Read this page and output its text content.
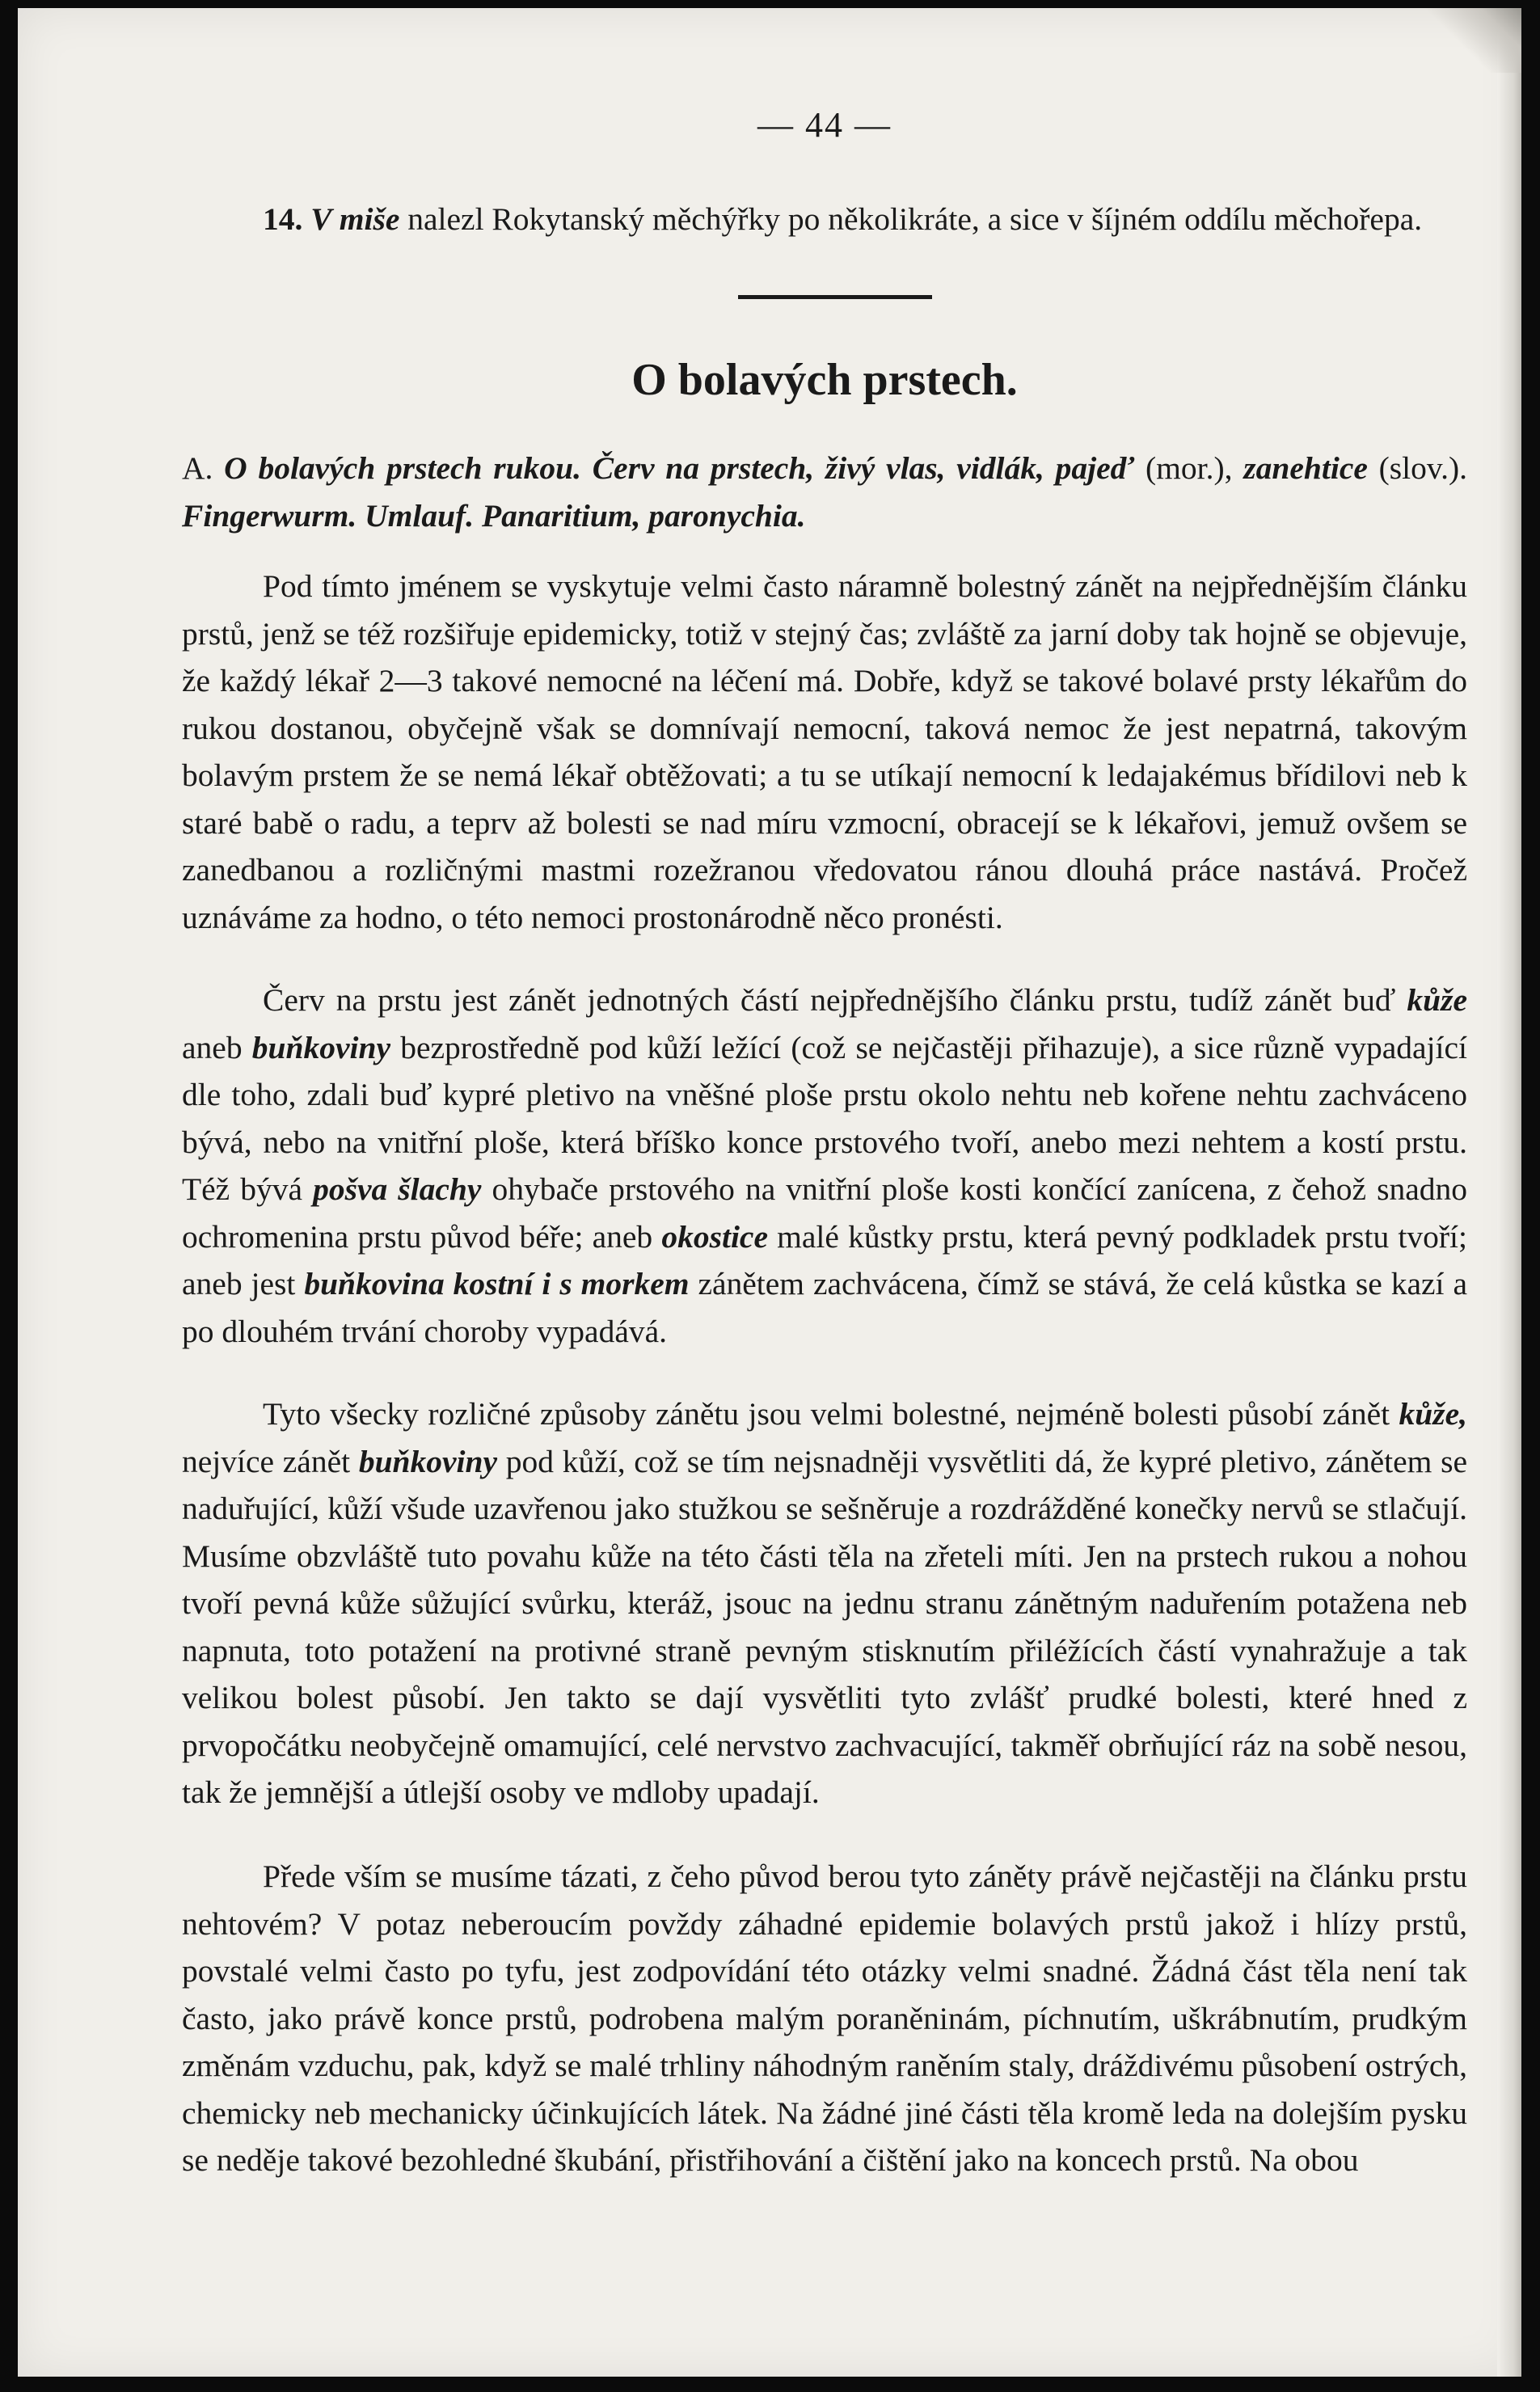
— 44 —

14. V miše nalezl Rokytanský měchýřky po několikráte, a sice v šíjném oddílu měchořepa.

O bolavých prstech.

A. O bolavých prstech rukou. Červ na prstech, živý vlas, vidlák, pajeď (mor.), zanehtice (slov.). Fingerwurm. Umlauf. Panaritium, paronychia.

Pod tímto jménem se vyskytuje velmi často náramně bolestný zánět na nejpřednějším článku prstů, jenž se též rozšiřuje epidemicky, totiž v stejný čas; zvláště za jarní doby tak hojně se objevuje, že každý lékař 2—3 takové nemocné na léčení má. Dobře, když se takové bolavé prsty lékařům do rukou dostanou, obyčejně však se domnívají nemocní, taková nemoc že jest nepatrná, takovým bolavým prstem že se nemá lékař obtěžovati; a tu se utíkají nemocní k ledajakémus břídilovi neb k staré babě o radu, a teprv až bolesti se nad míru vzmocní, obracejí se k lékařovi, jemuž ovšem se zanedbanou a rozličnými mastmi rozežranou vředovatou ránou dlouhá práce nastává. Pročež uznáváme za hodno, o této nemoci prostonárodně něco pronésti.

Červ na prstu jest zánět jednotných částí nejpřednějšího článku prstu, tudíž zánět buď kůže aneb buňkoviny bezprostředně pod kůží ležící (což se nejčastěji přihazuje), a sice různě vypadající dle toho, zdali buď kypré pletivo na vněšné ploše prstu okolo nehtu neb kořene nehtu zachváceno bývá, nebo na vnitřní ploše, která bříško konce prstového tvoří, anebo mezi nehtem a kostí prstu. Též bývá pošva šlachy ohybače prstového na vnitřní ploše kosti končící zanícena, z čehož snadno ochromenina prstu původ béře; aneb okostice malé kůstky prstu, která pevný podkladek prstu tvoří; aneb jest buňkovina kostní i s morkem zánětem zachvácena, čímž se stává, že celá kůstka se kazí a po dlouhém trvání choroby vypadává.

Tyto všecky rozličné způsoby zánětu jsou velmi bolestné, nejméně bolesti působí zánět kůže, nejvíce zánět buňkoviny pod kůží, což se tím nejsnadněji vysvětliti dá, že kypré pletivo, zánětem se naduřující, kůží všude uzavřenou jako stužkou se sešněruje a rozdrážděné konečky nervů se stlačují. Musíme obzvláště tuto povahu kůže na této části těla na zřeteli míti. Jen na prstech rukou a nohou tvoří pevná kůže sůžující svůrku, kteráž, jsouc na jednu stranu zánětným naduřením potažena neb napnuta, toto potažení na protivné straně pevným stisknutím přiléžících částí vynahražuje a tak velikou bolest působí. Jen takto se dají vysvětliti tyto zvlášť prudké bolesti, které hned z prvopočátku neobyčejně omamující, celé nervstvo zachvacující, takměř obrňující ráz na sobě nesou, tak že jemnější a útlejší osoby ve mdloby upadají.

Přede vším se musíme tázati, z čeho původ berou tyto záněty právě nejčastěji na článku prstu nehtovém? V potaz neberoucím povždy záhadné epidemie bolavých prstů jakož i hlízy prstů, povstalé velmi často po tyfu, jest zodpovídání této otázky velmi snadné. Žádná část těla není tak často, jako právě konce prstů, podrobena malým poraněninám, píchnutím, uškrábnutím, prudkým změnám vzduchu, pak, když se malé trhliny náhodným raněním staly, dráždivému působení ostrých, chemicky neb mechanicky účinkujících látek. Na žádné jiné části těla kromě leda na dolejším pysku se neděje takové bezohledné škubání, přistřihování a čištění jako na koncech prstů. Na obou
